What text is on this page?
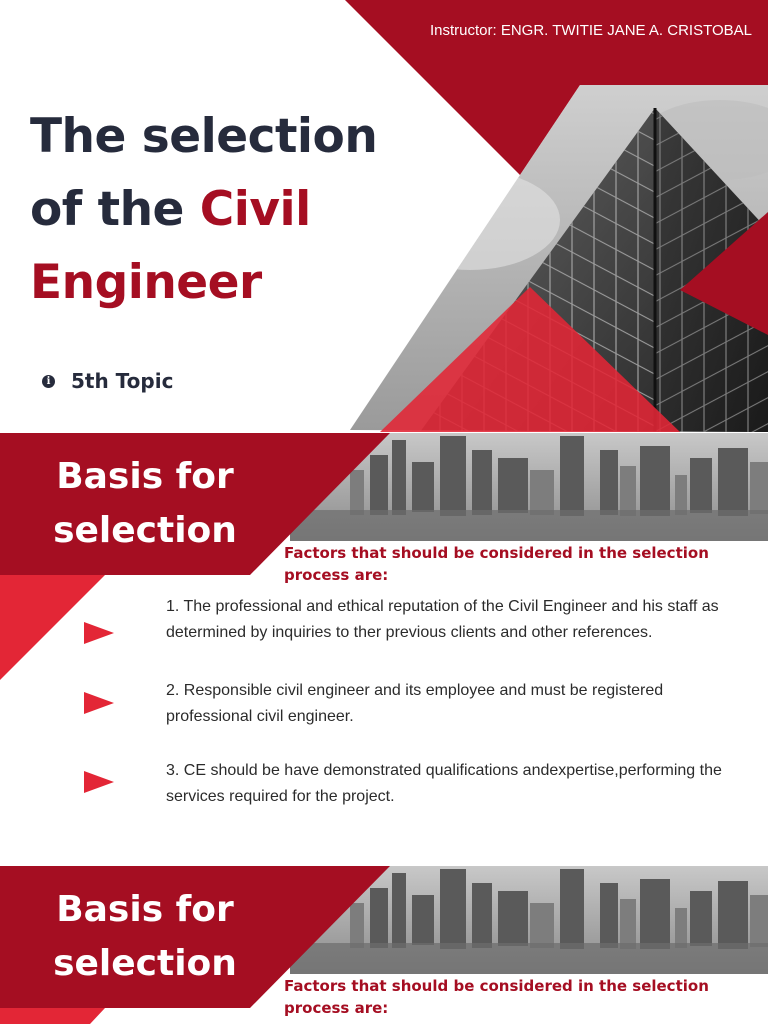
Instructor: ENGR. TWITIE JANE A. CRISTOBAL
The selection
of the Civil
Engineer
i 5th Topic
Basis for
selection
Factors that should be considered in the selection process are:
1. The professional and ethical reputation of the Civil Engineer and his staff as determined by inquiries to ther previous clients and other references.
2. Responsible civil engineer and its employee and must be registered professional civil engineer.
3. CE should be have demonstrated qualifications andexpertise,performing the services required for the project.
Basis for
selection
Factors that should be considered in the selection process are:
